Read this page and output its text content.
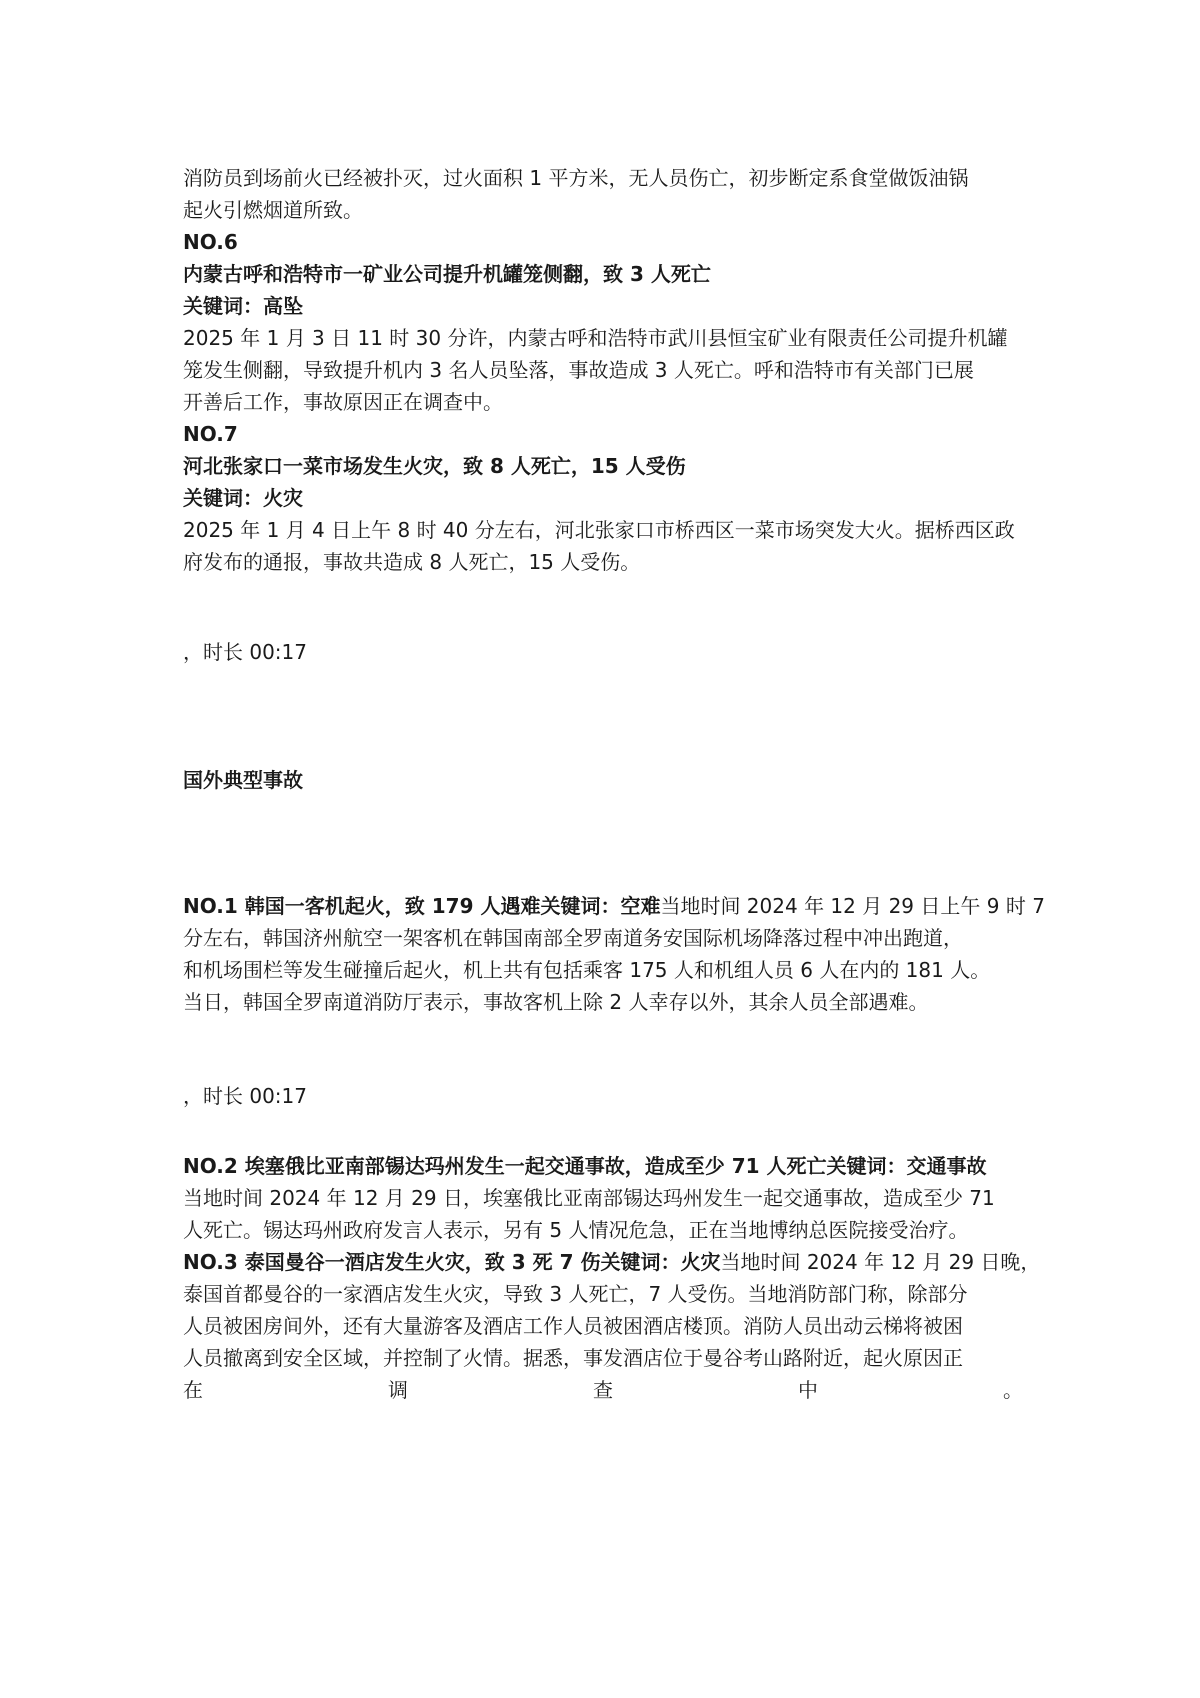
消防员到场前火已经被扑灭，过火面积 1 平方米，无人员伤亡，初步断定系食堂做饭油锅
起火引燃烟道所致。
NO.6
内蒙古呼和浩特市一矿业公司提升机罐笼侧翻，致 3 人死亡
关键词：高坠
2025 年 1 月 3 日 11 时 30 分许，内蒙古呼和浩特市武川县恒宝矿业有限责任公司提升机罐
笼发生侧翻，导致提升机内 3 名人员坠落，事故造成 3 人死亡。呼和浩特市有关部门已展
开善后工作，事故原因正在调查中。
NO.7
河北张家口一菜市场发生火灾，致 8 人死亡，15 人受伤
关键词：火灾
2025 年 1 月 4 日上午 8 时 40 分左右，河北张家口市桥西区一菜市场突发大火。据桥西区政
府发布的通报，事故共造成 8 人死亡，15 人受伤。
，时长 00:17
国外典型事故
NO.1 韩国一客机起火，致 179 人遇难关键词：空难当地时间 2024 年 12 月 29 日上午 9 时 7
分左右，韩国济州航空一架客机在韩国南部全罗南道务安国际机场降落过程中冲出跑道，
和机场围栏等发生碰撞后起火，机上共有包括乘客 175 人和机组人员 6 人在内的 181 人。
当日，韩国全罗南道消防厅表示，事故客机上除 2 人幸存以外，其余人员全部遇难。
，时长 00:17
NO.2 埃塞俄比亚南部锡达玛州发生一起交通事故，造成至少 71 人死亡关键词：交通事故
当地时间 2024 年 12 月 29 日，埃塞俄比亚南部锡达玛州发生一起交通事故，造成至少 71
人死亡。锡达玛州政府发言人表示，另有 5 人情况危急，正在当地博纳总医院接受治疗。
NO.3 泰国曼谷一酒店发生火灾，致 3 死 7 伤关键词：火灾当地时间 2024 年 12 月 29 日晚，
泰国首都曼谷的一家酒店发生火灾，导致 3 人死亡，7 人受伤。当地消防部门称，除部分
人员被困房间外，还有大量游客及酒店工作人员被困酒店楼顶。消防人员出动云梯将被困
人员撤离到安全区域，并控制了火情。据悉，事发酒店位于曼谷考山路附近，起火原因正
在	调	查	中	。
